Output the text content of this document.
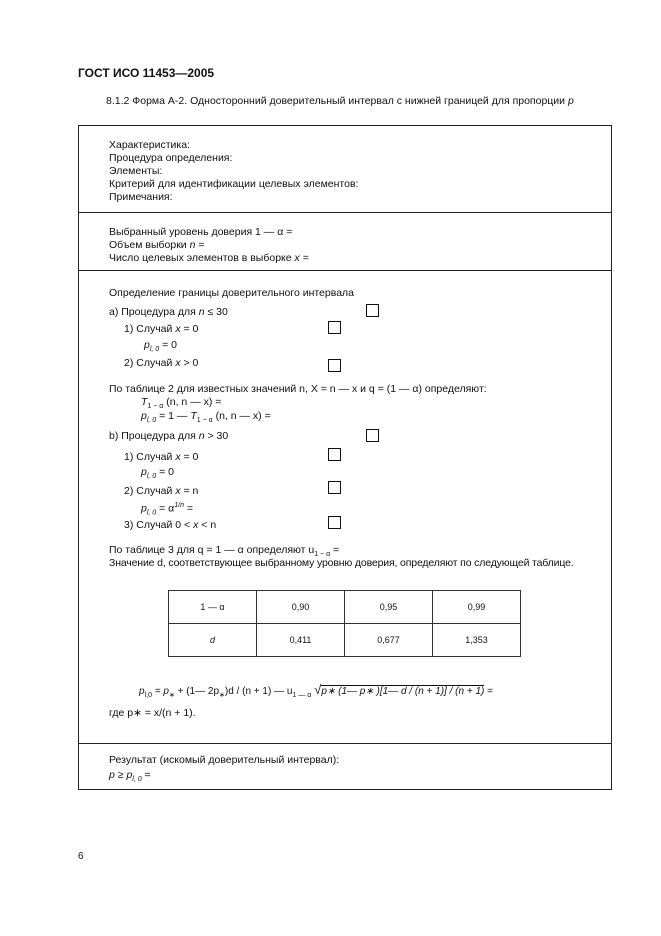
ГОСТ ИСО 11453—2005
8.1.2 Форма А-2. Односторонний доверительный интервал с нижней границей для пропорции p
Характеристика:
Процедура определения:
Элементы:
Критерий для идентификации целевых элементов:
Примечания:
Выбранный уровень доверия 1 — α =
Объем выборки n =
Число целевых элементов в выборке x =
Определение границы доверительного интервала
a) Процедура для n ≤ 30
1) Случай x = 0
$p_{l, 0} = 0$
2) Случай x > 0
По таблице 2 для известных значений n, X = n — x и q = (1 — α) определяют:
$T_{1 - \alpha}$ (n, n — x) =
$p_{l, 0} = 1$ — $T_{1 - \alpha}$ (n, n — x) =
b) Процедура для n > 30
1) Случай x = 0
$p_{l, 0} = 0$
2) Случай x = n
$p_{l, 0} = \alpha^{1/n}$ =
3) Случай 0 < x < n
По таблице 3 для q = 1 — α определяют $u_{1 - \alpha}$ =
Значение d, соответствующее выбранному уровню доверия, определяют по следующей таблице.
$p_{l,0} = p_∗$ + (1— $2p_∗)d / (n + 1)$ — $u_{1 — \alpha}$ √p∗ (1— p∗ )[1— d / (n + 1)] / (n + 1) =
где p∗ = x/(n + 1).
1 — α	0,90	0,95	0,99
d	0,411	0,677	1,353
Результат (искомый доверительный интервал):
$p \ge p_{l, 0}$ =
6
